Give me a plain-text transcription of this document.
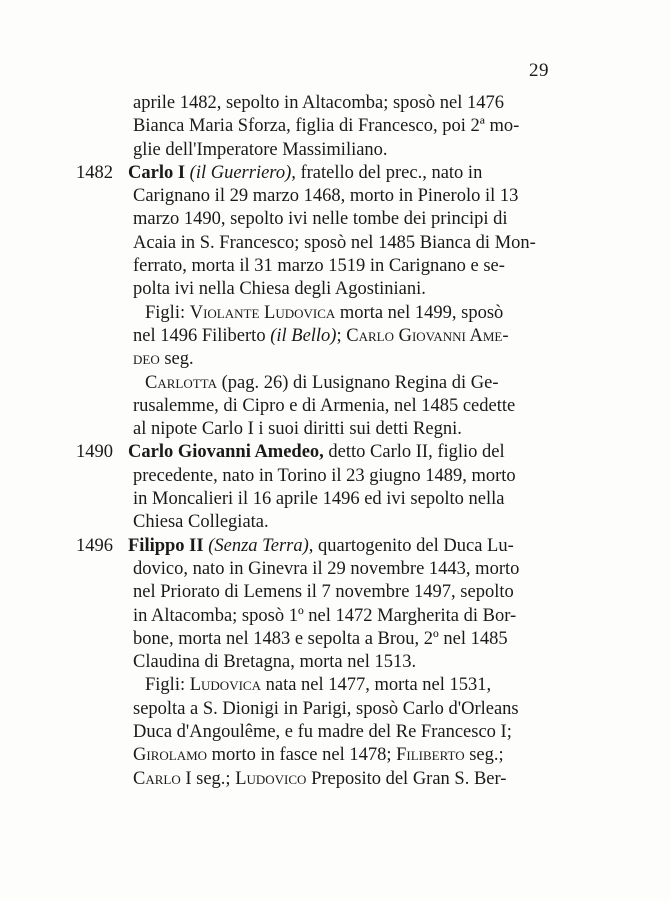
29
aprile 1482, sepolto in Altacomba; sposò nel 1476
Bianca Maria Sforza, figlia di Francesco, poi 2ª mo-
glie dell'Imperatore Massimiliano.
1482 Carlo I (il Guerriero), fratello del prec., nato in
Carignano il 29 marzo 1468, morto in Pinerolo il 13
marzo 1490, sepolto ivi nelle tombe dei principi di
Acaia in S. Francesco; sposò nel 1485 Bianca di Mon-
ferrato, morta il 31 marzo 1519 in Carignano e se-
polta ivi nella Chiesa degli Agostiniani.
Figli: Violante Ludovica morta nel 1499, sposò
nel 1496 Filiberto (il Bello); Carlo Giovanni Ame-
deo seg.
Carlotta (pag. 26) di Lusignano Regina di Ge-
rusalemme, di Cipro e di Armenia, nel 1485 cedette
al nipote Carlo I i suoi diritti sui detti Regni.
1490 Carlo Giovanni Amedeo, detto Carlo II, figlio del
precedente, nato in Torino il 23 giugno 1489, morto
in Moncalieri il 16 aprile 1496 ed ivi sepolto nella
Chiesa Collegiata.
1496 Filippo II (Senza Terra), quartogenito del Duca Lu-
dovico, nato in Ginevra il 29 novembre 1443, morto
nel Priorato di Lemens il 7 novembre 1497, sepolto
in Altacomba; sposò 1º nel 1472 Margherita di Bor-
bone, morta nel 1483 e sepolta a Brou, 2º nel 1485
Claudina di Bretagna, morta nel 1513.
Figli: Ludovica nata nel 1477, morta nel 1531,
sepolta a S. Dionigi in Parigi, sposò Carlo d'Orleans
Duca d'Angoulême, e fu madre del Re Francesco I;
Girolamo morto in fasce nel 1478; Filiberto seg.;
Carlo I seg.; Ludovico Preposito del Gran S. Ber-
